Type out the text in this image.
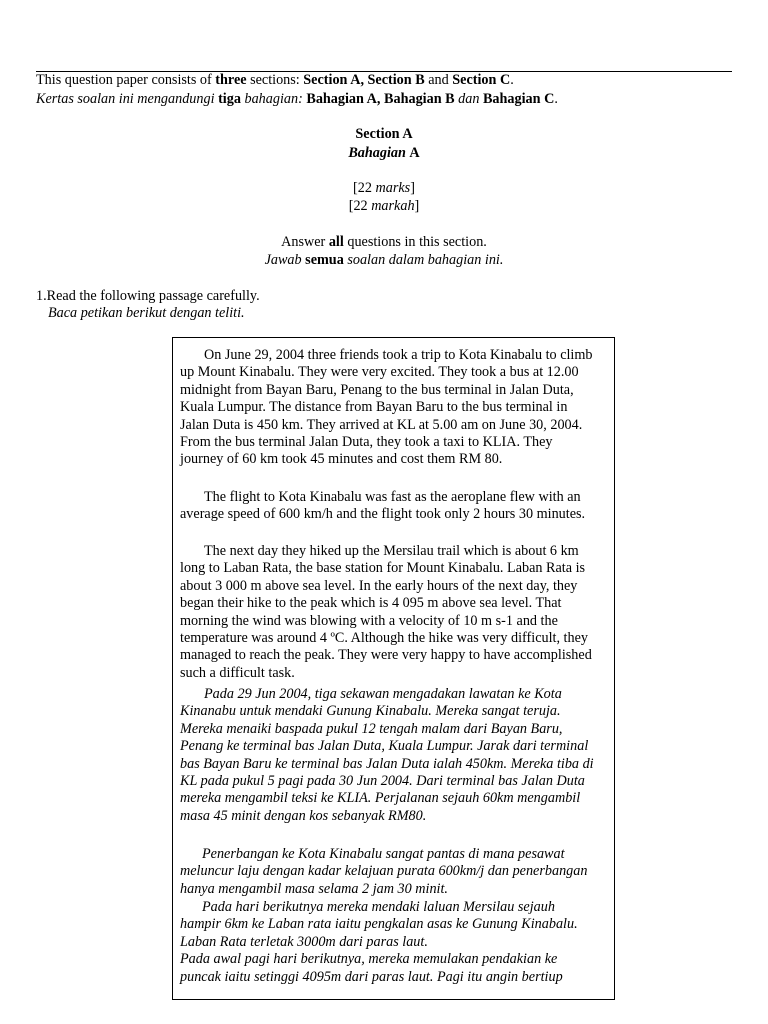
This question paper consists of three sections: Section A, Section B and Section C.
Kertas soalan ini mengandungi tiga bahagian: Bahagian A, Bahagian B dan Bahagian C.
Section A
Bahagian A
[22 marks]
[22 markah]
Answer all questions in this section.
Jawab semua soalan dalam bahagian ini.
1.Read the following passage carefully.
Baca petikan berikut dengan teliti.

On June 29, 2004 three friends took a trip to Kota Kinabalu to climb up Mount Kinabalu. They were very excited. They took a bus at 12.00 midnight from Bayan Baru, Penang to the bus terminal in Jalan Duta, Kuala Lumpur. The distance from Bayan Baru to the bus terminal in Jalan Duta is 450 km. They arrived at KL at 5.00 am on June 30, 2004. From the bus terminal Jalan Duta, they took a taxi to KLIA. They journey of 60 km took 45 minutes and cost them RM 80.

The flight to Kota Kinabalu was fast as the aeroplane flew with an average speed of 600 km/h and the flight took only 2 hours 30 minutes.

The next day they hiked up the Mersilau trail which is about 6 km long to Laban Rata, the base station for Mount Kinabalu. Laban Rata is about 3 000 m above sea level. In the early hours of the next day, they began their hike to the peak which is 4 095 m above sea level. That morning the wind was blowing with a velocity of 10 m s-1 and the temperature was around 4 ºC. Although the hike was very difficult, they managed to reach the peak. They were very happy to have accomplished such a difficult task.

Pada 29 Jun 2004, tiga sekawan mengadakan lawatan ke Kota Kinanabu untuk mendaki Gunung Kinabalu. Mereka sangat teruja. Mereka menaiki baspada pukul 12 tengah malam dari Bayan Baru, Penang ke terminal bas Jalan Duta, Kuala Lumpur. Jarak dari terminal bas Bayan Baru ke terminal bas Jalan Duta ialah 450km. Mereka tiba di KL pada pukul 5 pagi pada 30 Jun 2004. Dari terminal bas Jalan Duta mereka mengambil teksi ke KLIA. Perjalanan sejauh 60km mengambil masa 45 minit dengan kos sebanyak RM80.

Penerbangan ke Kota Kinabalu sangat pantas di mana pesawat meluncur laju dengan kadar kelajuan purata 600km/j dan penerbangan hanya mengambil masa selama 2 jam 30 minit.

Pada hari berikutnya mereka mendaki laluan Mersilau sejauh hampir 6km ke Laban rata iaitu pengkalan asas ke Gunung Kinabalu. Laban Rata terletak 3000m dari paras laut.
Pada awal pagi hari berikutnya, mereka memulakan pendakian ke puncak iaitu setinggi 4095m dari paras laut. Pagi itu angin bertiup
